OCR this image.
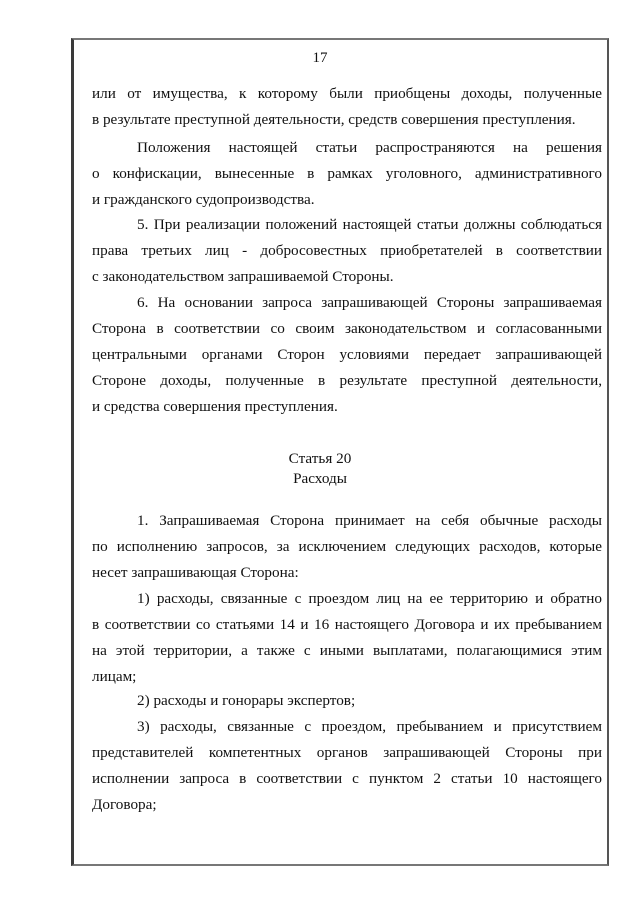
17
или от имущества, к которому были приобщены доходы, полученные
в результате преступной деятельности, средств совершения преступления.
Положения настоящей статьи распространяются на решения
о конфискации, вынесенные в рамках уголовного, административного
и гражданского судопроизводства.
5. При реализации положений настоящей статьи должны соблюдаться
права третьих лиц - добросовестных приобретателей в соответствии
с законодательством запрашиваемой Стороны.
6. На основании запроса запрашивающей Стороны запрашиваемая
Сторона в соответствии со своим законодательством и согласованными
центральными органами Сторон условиями передает запрашивающей
Стороне доходы, полученные в результате преступной деятельности,
и средства совершения преступления.
Статья 20
Расходы
1. Запрашиваемая Сторона принимает на себя обычные расходы
по исполнению запросов, за исключением следующих расходов, которые
несет запрашивающая Сторона:
1) расходы, связанные с проездом лиц на ее территорию и обратно
в соответствии со статьями 14 и 16 настоящего Договора и их пребыванием
на этой территории, а также с иными выплатами, полагающимися этим
лицам;
2) расходы и гонорары экспертов;
3) расходы, связанные с проездом, пребыванием и присутствием
представителей компетентных органов запрашивающей Стороны при
исполнении запроса в соответствии с пунктом 2 статьи 10 настоящего
Договора;
